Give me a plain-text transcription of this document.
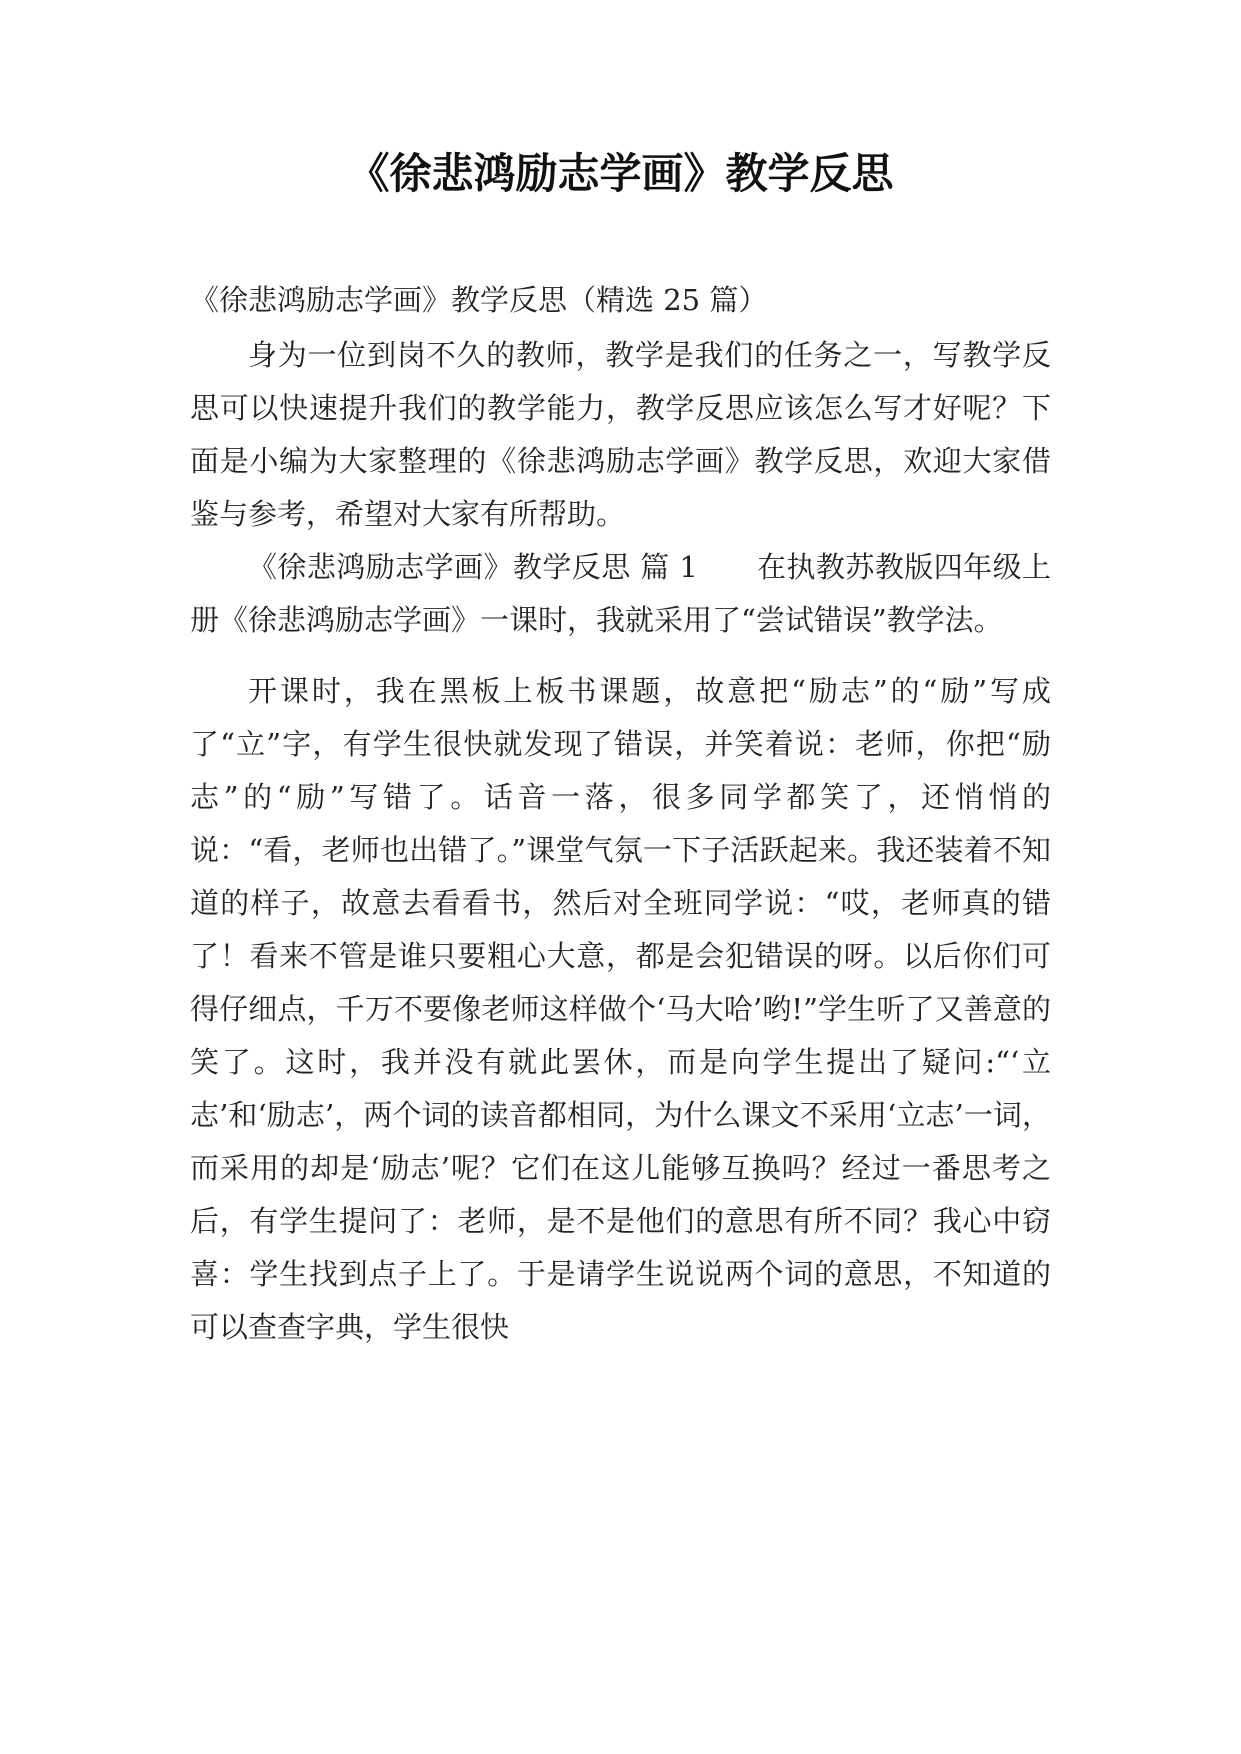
《徐悲鸿励志学画》教学反思

《徐悲鸿励志学画》教学反思（精选 25 篇）

身为一位到岗不久的教师，教学是我们的任务之一，写教学反思可以快速提升我们的教学能力，教学反思应该怎么写才好呢？下面是小编为大家整理的《徐悲鸿励志学画》教学反思，欢迎大家借鉴与参考，希望对大家有所帮助。

《徐悲鸿励志学画》教学反思 篇 1　　在执教苏教版四年级上册《徐悲鸿励志学画》一课时，我就采用了“尝试错误”教学法。

开课时，我在黑板上板书课题，故意把“励志”的“励”写成了“立”字，有学生很快就发现了错误，并笑着说：老师，你把“励志”的“励”写错了。话音一落，很多同学都笑了，还悄悄的说：“看，老师也出错了。”课堂气氛一下子活跃起来。我还装着不知道的样子，故意去看看书，然后对全班同学说：“哎，老师真的错了！看来不管是谁只要粗心大意，都是会犯错误的呀。以后你们可得仔细点，千万不要像老师这样做个‘马大哈’哟!”学生听了又善意的笑了。这时，我并没有就此罢休，而是向学生提出了疑问:“‘立志’和‘励志’，两个词的读音都相同，为什么课文不采用‘立志’一词，而采用的却是‘励志’呢？它们在这儿能够互换吗？经过一番思考之后，有学生提问了：老师，是不是他们的意思有所不同？我心中窃喜：学生找到点子上了。于是请学生说说两个词的意思，不知道的可以查查字典，学生很快
